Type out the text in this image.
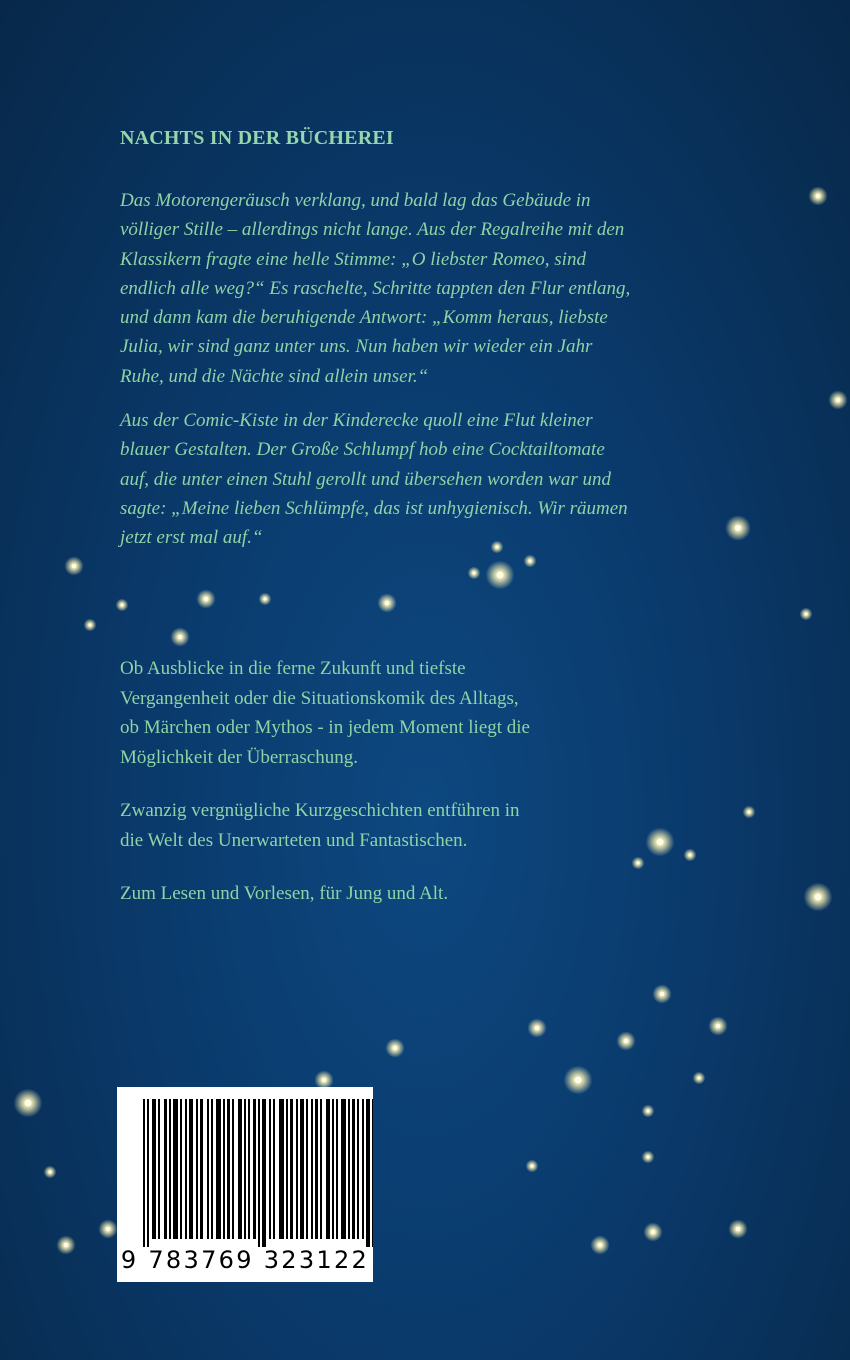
NACHTS IN DER BÜCHEREI

Das Motorengeräusch verklang, und bald lag das Gebäude in
völliger Stille – allerdings nicht lange. Aus der Regalreihe mit den
Klassikern fragte eine helle Stimme: „O liebster Romeo, sind
endlich alle weg?“ Es raschelte, Schritte tappten den Flur entlang,
und dann kam die beruhigende Antwort: „Komm heraus, liebste
Julia, wir sind ganz unter uns. Nun haben wir wieder ein Jahr
Ruhe, und die Nächte sind allein unser.“

Aus der Comic-Kiste in der Kinderecke quoll eine Flut kleiner
blauer Gestalten. Der Große Schlumpf hob eine Cocktailtomate
auf, die unter einen Stuhl gerollt und übersehen worden war und
sagte: „Meine lieben Schlümpfe, das ist unhygienisch. Wir räumen
jetzt erst mal auf.“

Ob Ausblicke in die ferne Zukunft und tiefste
Vergangenheit oder die Situationskomik des Alltags,
ob Märchen oder Mythos - in jedem Moment liegt die
Möglichkeit der Überraschung.

Zwanzig vergnügliche Kurzgeschichten entführen in
die Welt des Unerwarteten und Fantastischen.

Zum Lesen und Vorlesen, für Jung und Alt.

9 783769 323122
